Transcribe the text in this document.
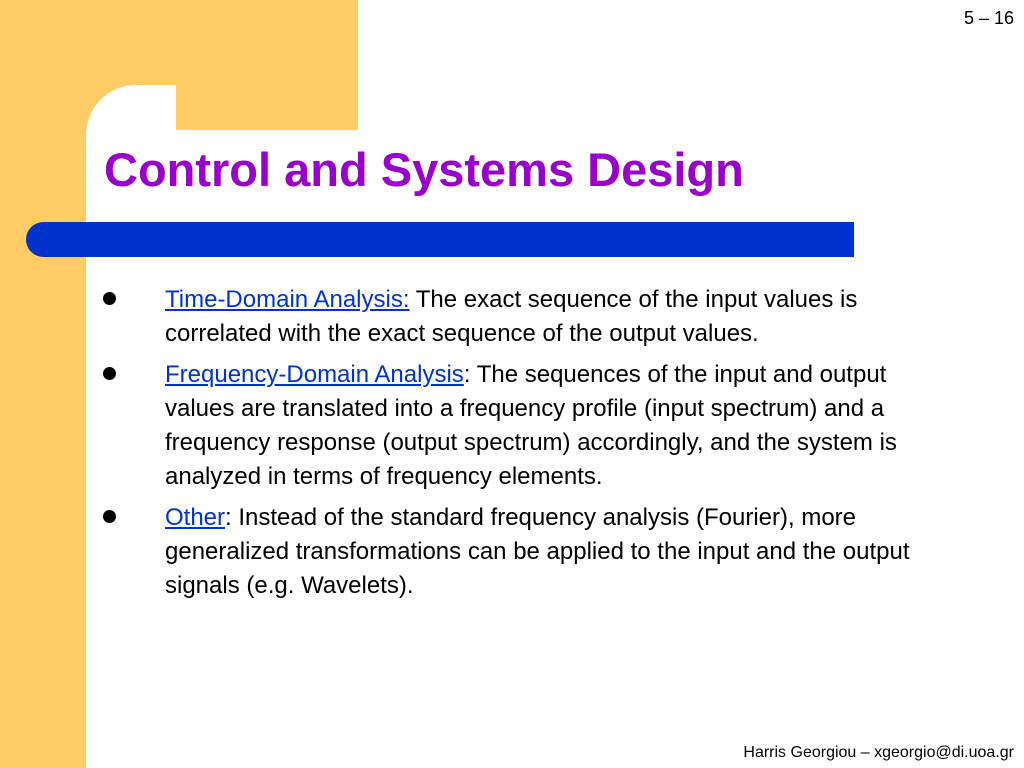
5 – 16
Control and Systems Design
Time-Domain Analysis: The exact sequence of the input values is correlated with the exact sequence of the output values.
Frequency-Domain Analysis: The sequences of the input and output values are translated into a frequency profile (input spectrum) and a frequency response (output spectrum) accordingly, and the system is analyzed in terms of frequency elements.
Other: Instead of the standard frequency analysis (Fourier), more generalized transformations can be applied to the input and the output signals (e.g. Wavelets).
Harris Georgiou – xgeorgio@di.uoa.gr
